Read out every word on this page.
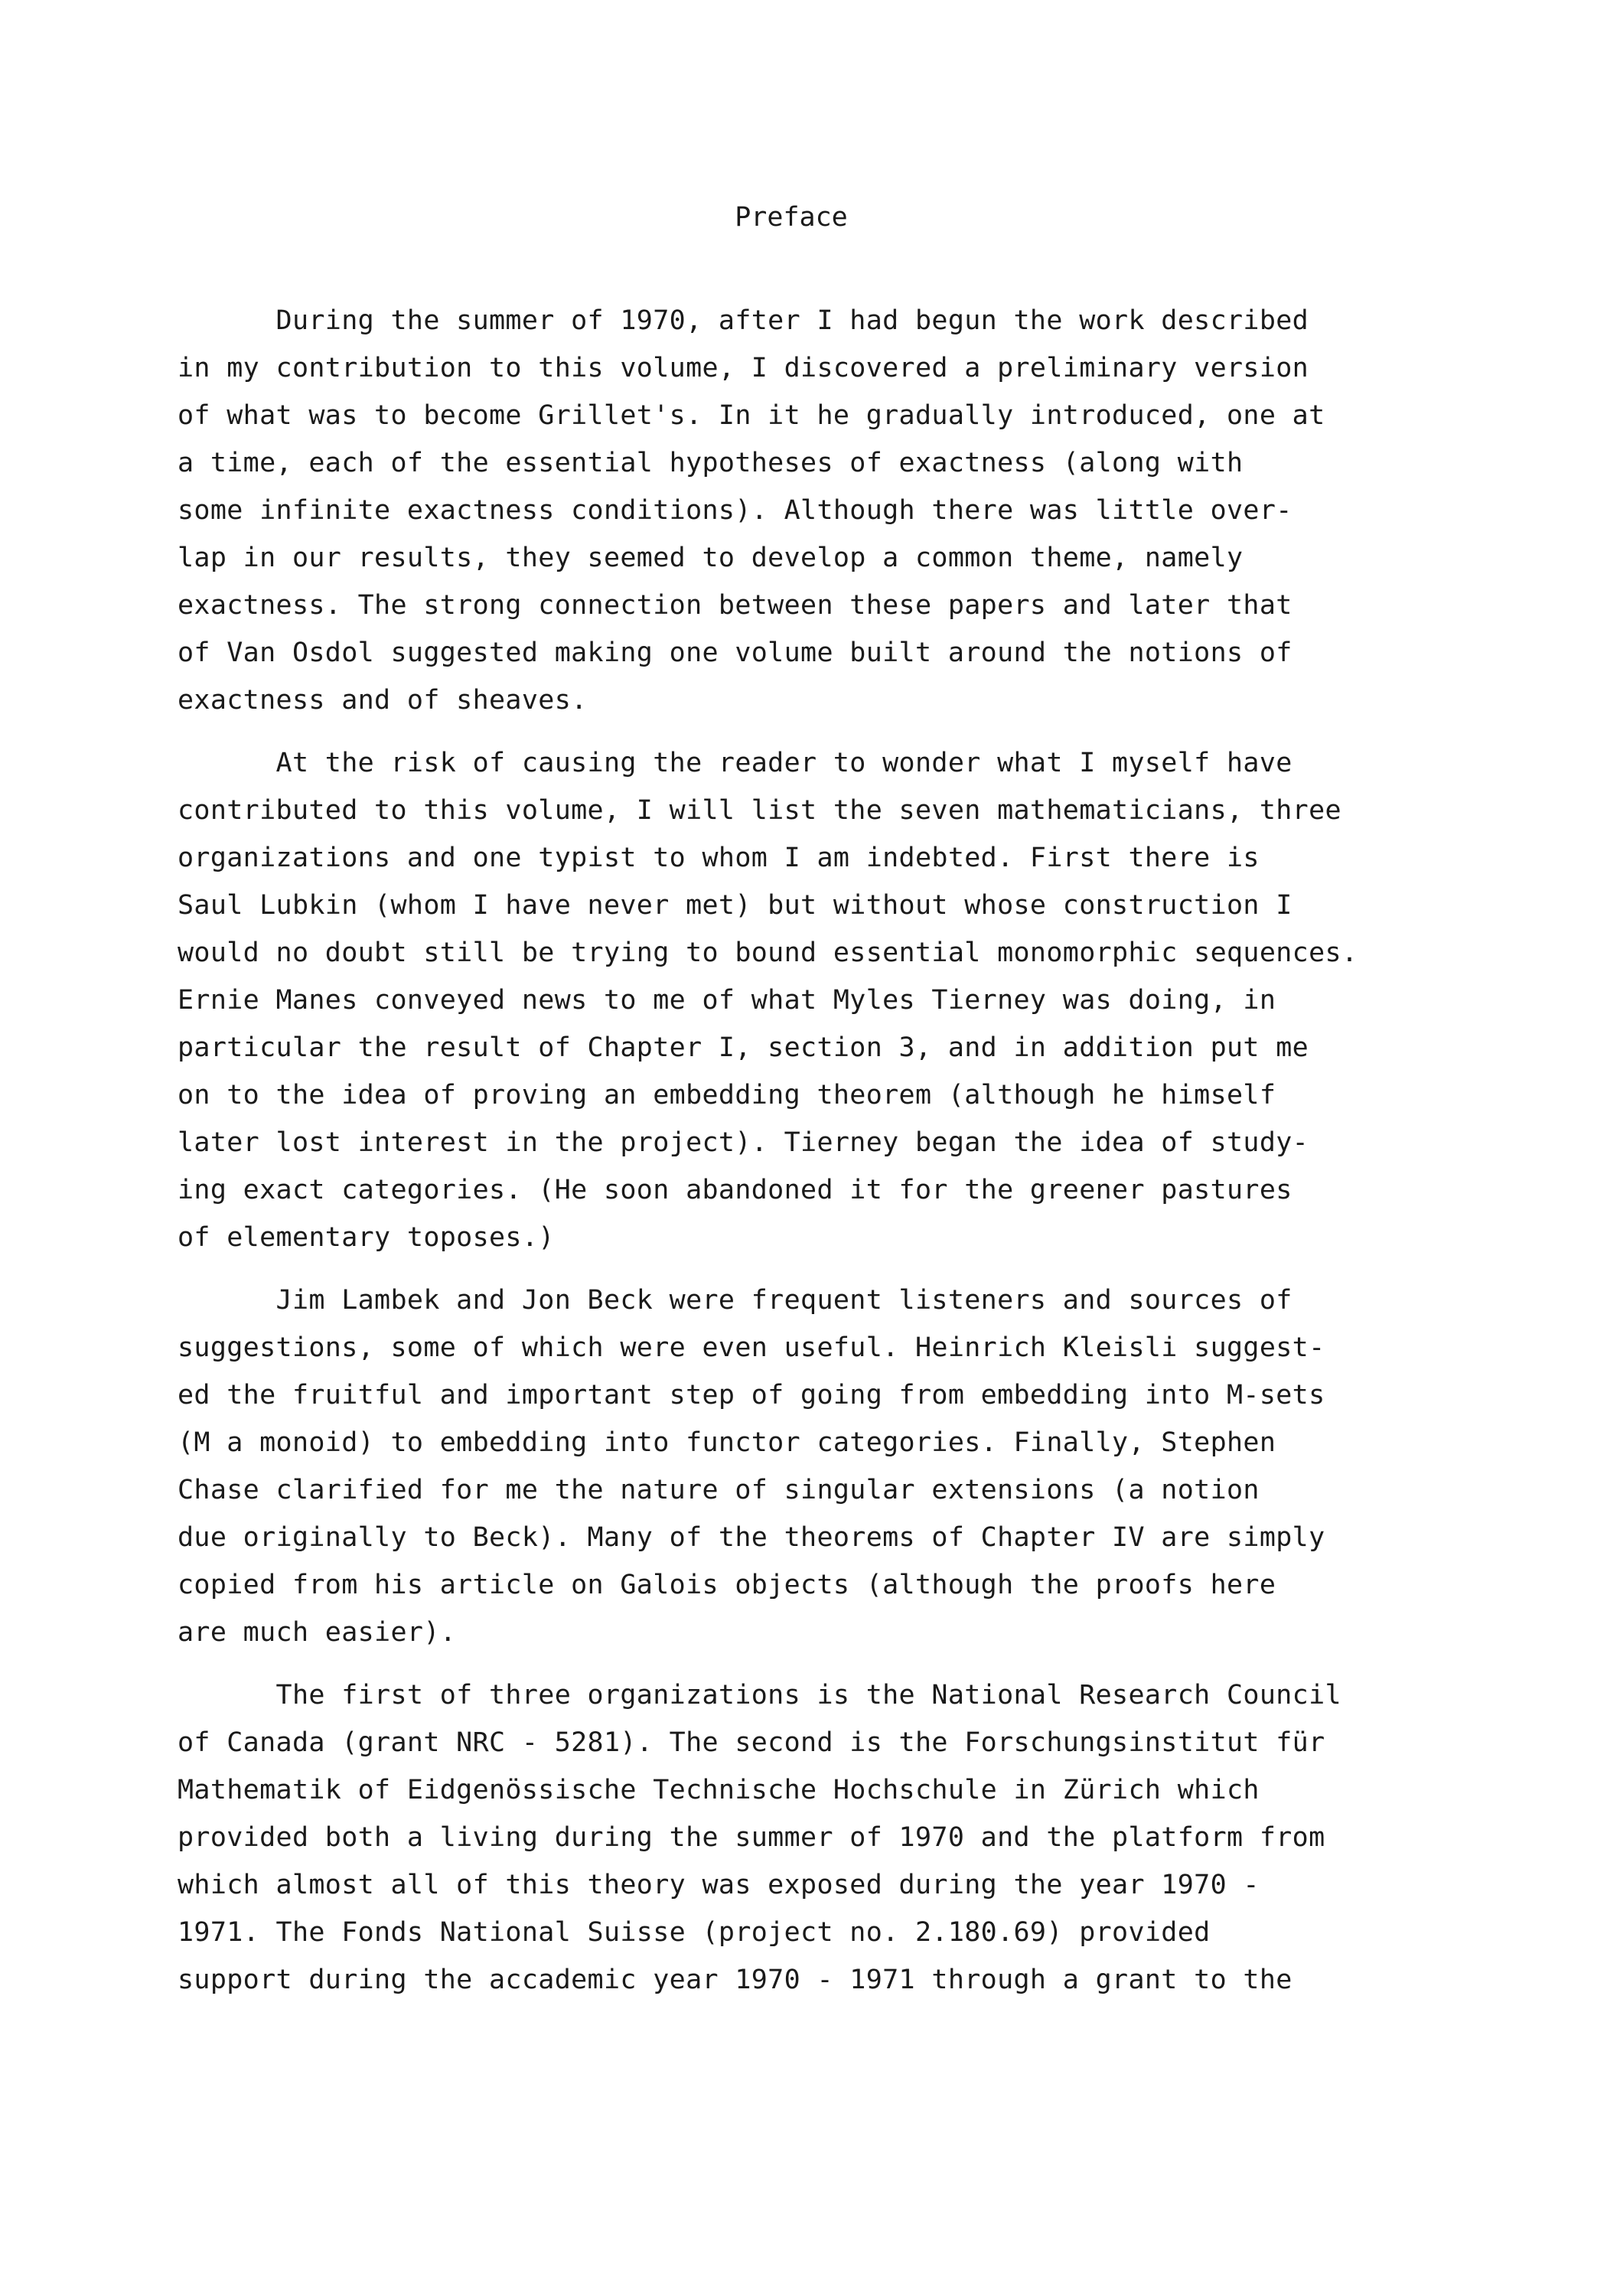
Preface
During the summer of 1970, after I had begun the work described
in my contribution to this volume, I discovered a preliminary version
of what was to become Grillet's. In it he gradually introduced, one at
a time, each of the essential hypotheses of exactness (along with
some infinite exactness conditions). Although there was little over-
lap in our results, they seemed to develop a common theme, namely
exactness. The strong connection between these papers and later that
of Van Osdol suggested making one volume built around the notions of
exactness and of sheaves.
At the risk of causing the reader to wonder what I myself have
contributed to this volume, I will list the seven mathematicians, three
organizations and one typist to whom I am indebted. First there is
Saul Lubkin (whom I have never met) but without whose construction I
would no doubt still be trying to bound essential monomorphic sequences.
Ernie Manes conveyed news to me of what Myles Tierney was doing, in
particular the result of Chapter I, section 3, and in addition put me
on to the idea of proving an embedding theorem (although he himself
later lost interest in the project). Tierney began the idea of study-
ing exact categories. (He soon abandoned it for the greener pastures
of elementary toposes.)
Jim Lambek and Jon Beck were frequent listeners and sources of
suggestions, some of which were even useful. Heinrich Kleisli suggest-
ed the fruitful and important step of going from embedding into M-sets
(M a monoid) to embedding into functor categories. Finally, Stephen
Chase clarified for me the nature of singular extensions (a notion
due originally to Beck). Many of the theorems of Chapter IV are simply
copied from his article on Galois objects (although the proofs here
are much easier).
The first of three organizations is the National Research Council
of Canada (grant NRC - 5281). The second is the Forschungsinstitut für
Mathematik of Eidgenössische Technische Hochschule in Zürich which
provided both a living during the summer of 1970 and the platform from
which almost all of this theory was exposed during the year 1970 -
1971. The Fonds National Suisse (project no. 2.180.69) provided
support during the accademic year 1970 - 1971 through a grant to the
